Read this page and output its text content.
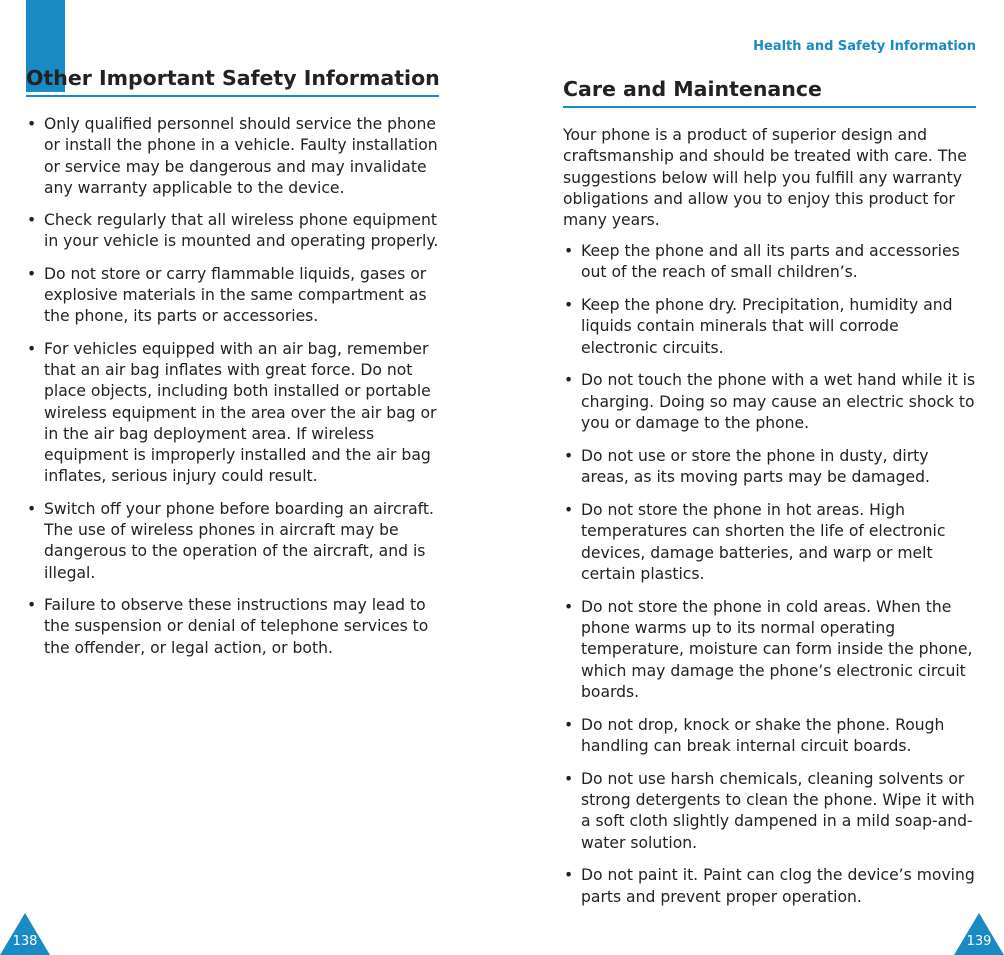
Other Important Safety Information
• Only qualified personnel should service the phone or install the phone in a vehicle. Faulty installation or service may be dangerous and may invalidate any warranty applicable to the device.
• Check regularly that all wireless phone equipment in your vehicle is mounted and operating properly.
• Do not store or carry flammable liquids, gases or explosive materials in the same compartment as the phone, its parts or accessories.
• For vehicles equipped with an air bag, remember that an air bag inflates with great force. Do not place objects, including both installed or portable wireless equipment in the area over the air bag or in the air bag deployment area. If wireless equipment is improperly installed and the air bag inflates, serious injury could result.
• Switch off your phone before boarding an aircraft. The use of wireless phones in aircraft may be dangerous to the operation of the aircraft, and is illegal.
• Failure to observe these instructions may lead to the suspension or denial of telephone services to the offender, or legal action, or both.
Health and Safety Information
Care and Maintenance

Your phone is a product of superior design and craftsmanship and should be treated with care. The suggestions below will help you fulfill any warranty obligations and allow you to enjoy this product for many years.

• Keep the phone and all its parts and accessories out of the reach of small children’s.
• Keep the phone dry. Precipitation, humidity and liquids contain minerals that will corrode electronic circuits.
• Do not touch the phone with a wet hand while it is charging. Doing so may cause an electric shock to you or damage to the phone.
• Do not use or store the phone in dusty, dirty areas, as its moving parts may be damaged.
• Do not store the phone in hot areas. High temperatures can shorten the life of electronic devices, damage batteries, and warp or melt certain plastics.
• Do not store the phone in cold areas. When the phone warms up to its normal operating temperature, moisture can form inside the phone, which may damage the phone’s electronic circuit boards.
• Do not drop, knock or shake the phone. Rough handling can break internal circuit boards.
• Do not use harsh chemicals, cleaning solvents or strong detergents to clean the phone. Wipe it with a soft cloth slightly dampened in a mild soap-and-water solution.
• Do not paint it. Paint can clog the device’s moving parts and prevent proper operation.
138	139
